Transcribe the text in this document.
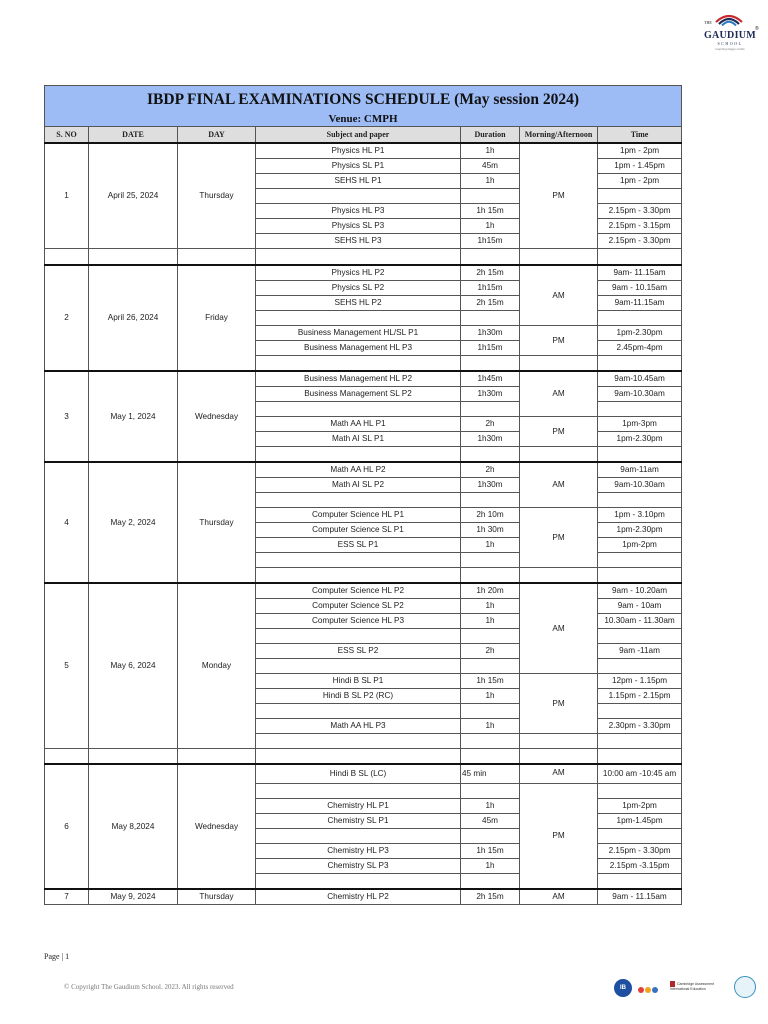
THE
®
GAUDIUM
SCHOOL
Inspiring happy minds
IBDP FINAL EXAMINATIONS SCHEDULE (May session 2024)						
Venue: CMPH						
S. NO	DATE	DAY	Subject and paper	Duration	Morning/Afternoon	Time
1	April 25, 2024	Thursday	Physics HL P1	1h	PM	1pm - 2pm
			Physics SL P1	45m		1pm - 1.45pm
			SEHS HL P1	1h		1pm - 2pm

			Physics HL P3	1h 15m		2.15pm - 3.30pm
			Physics SL P3	1h		2.15pm - 3.15pm
			SEHS HL P3	1h15m		2.15pm - 3.30pm

2	April 26, 2024	Friday	Physics HL P2	2h 15m	AM	9am- 11.15am
			Physics SL P2	1h15m		9am - 10.15am
			SEHS HL P2	2h 15m		9am-11.15am

			Business Management HL/SL P1	1h30m	PM	1pm-2.30pm
			Business Management HL P3	1h15m		2.45pm-4pm

3	May 1, 2024	Wednesday	Business Management HL P2	1h45m	AM	9am-10.45am
			Business Management SL P2	1h30m		9am-10.30am

			Math AA HL P1	2h	PM	1pm-3pm
			Math AI SL P1	1h30m		1pm-2.30pm

4	May 2, 2024	Thursday	Math AA HL P2	2h	AM	9am-11am
			Math AI SL P2	1h30m		9am-10.30am

			Computer Science HL P1	2h 10m	PM	1pm - 3.10pm
			Computer Science SL P1	1h 30m		1pm-2.30pm
			ESS SL P1	1h		1pm-2pm

5	May 6, 2024	Monday	Computer Science HL P2	1h 20m	AM	9am - 10.20am
			Computer Science SL P2	1h		9am - 10am
			Computer Science HL P3	1h		10.30am - 11.30am

			ESS SL P2	2h		9am -11am

			Hindi B SL P1	1h 15m	PM	12pm - 1.15pm
			Hindi B SL P2 (RC)	1h		1.15pm - 2.15pm

			Math AA HL P3	1h		2.30pm - 3.30pm

6	May 8,2024	Wednesday	Hindi B SL (LC)	45 min	AM	10:00 am -10:45 am
					PM	
			Chemistry HL P1	1h		1pm-2pm
			Chemistry SL P1	45m		1pm-1.45pm

			Chemistry HL P3	1h 15m		2.15pm - 3.30pm
			Chemistry SL P3	1h		2.15pm -3.15pm

7	May 9, 2024	Thursday	Chemistry HL P2	2h 15m	AM	9am - 11.15am
Page | 1
© Copyright The Gaudium School. 2023. All rights reserved	IB
Cambridge Assessment International Education
